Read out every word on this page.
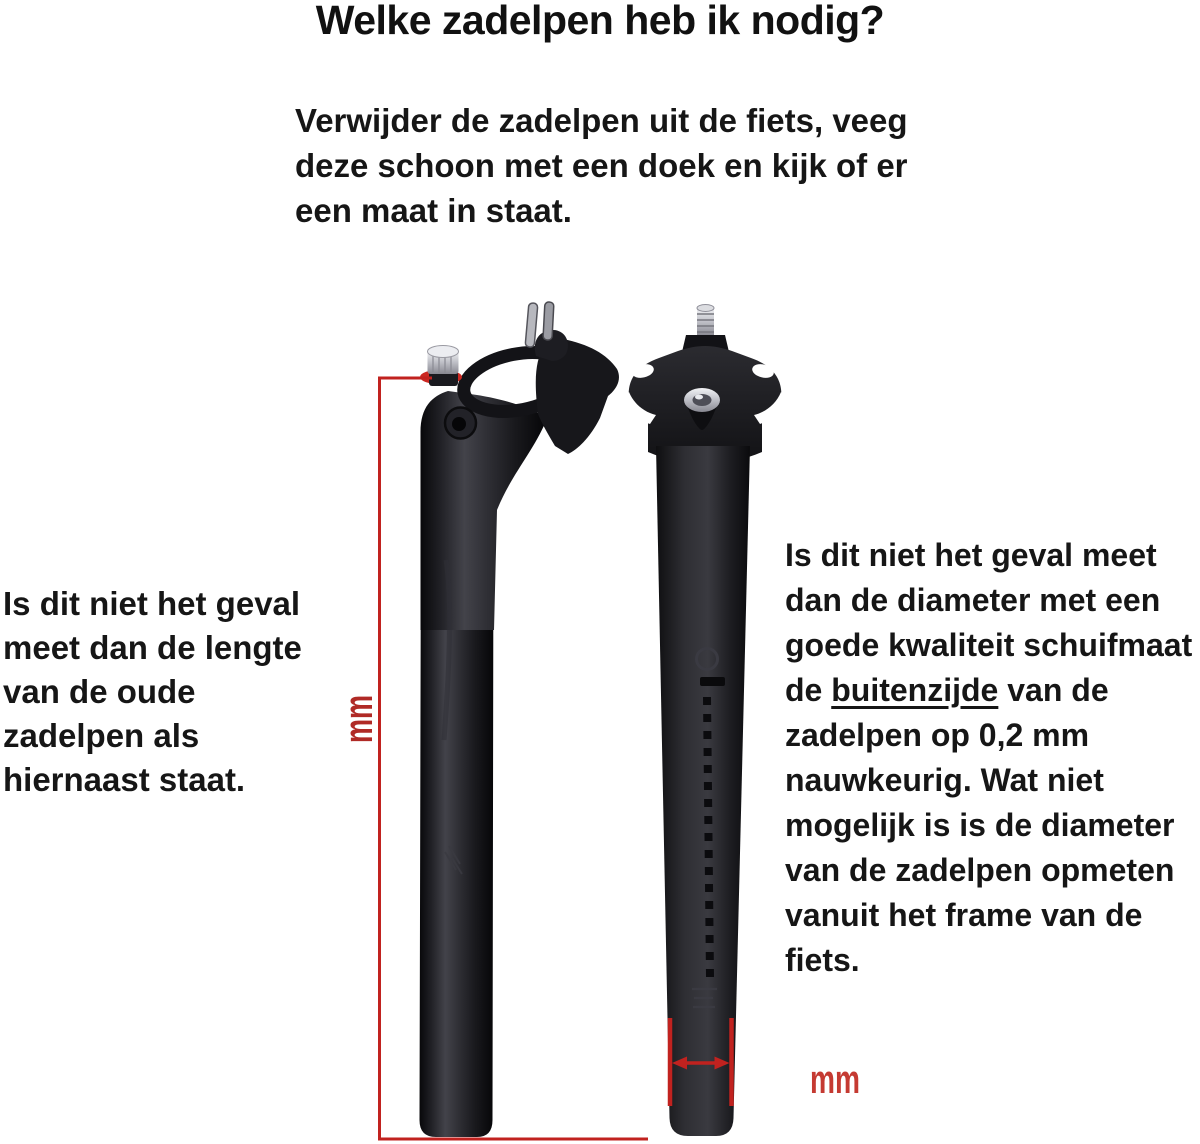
mm
mm
Welke zadelpen heb ik nodig?
Verwijder de zadelpen uit de fiets, veeg
deze schoon met een doek en kijk of er
een maat in staat.
Is dit niet het geval
meet dan de lengte
van de oude
zadelpen als
hiernaast staat.
Is dit niet het geval meet
dan de diameter met een
goede kwaliteit schuifmaat
de buitenzijde van de
zadelpen op 0,2 mm
nauwkeurig. Wat niet
mogelijk is is de diameter
van de zadelpen opmeten
vanuit het frame van de
fiets.
